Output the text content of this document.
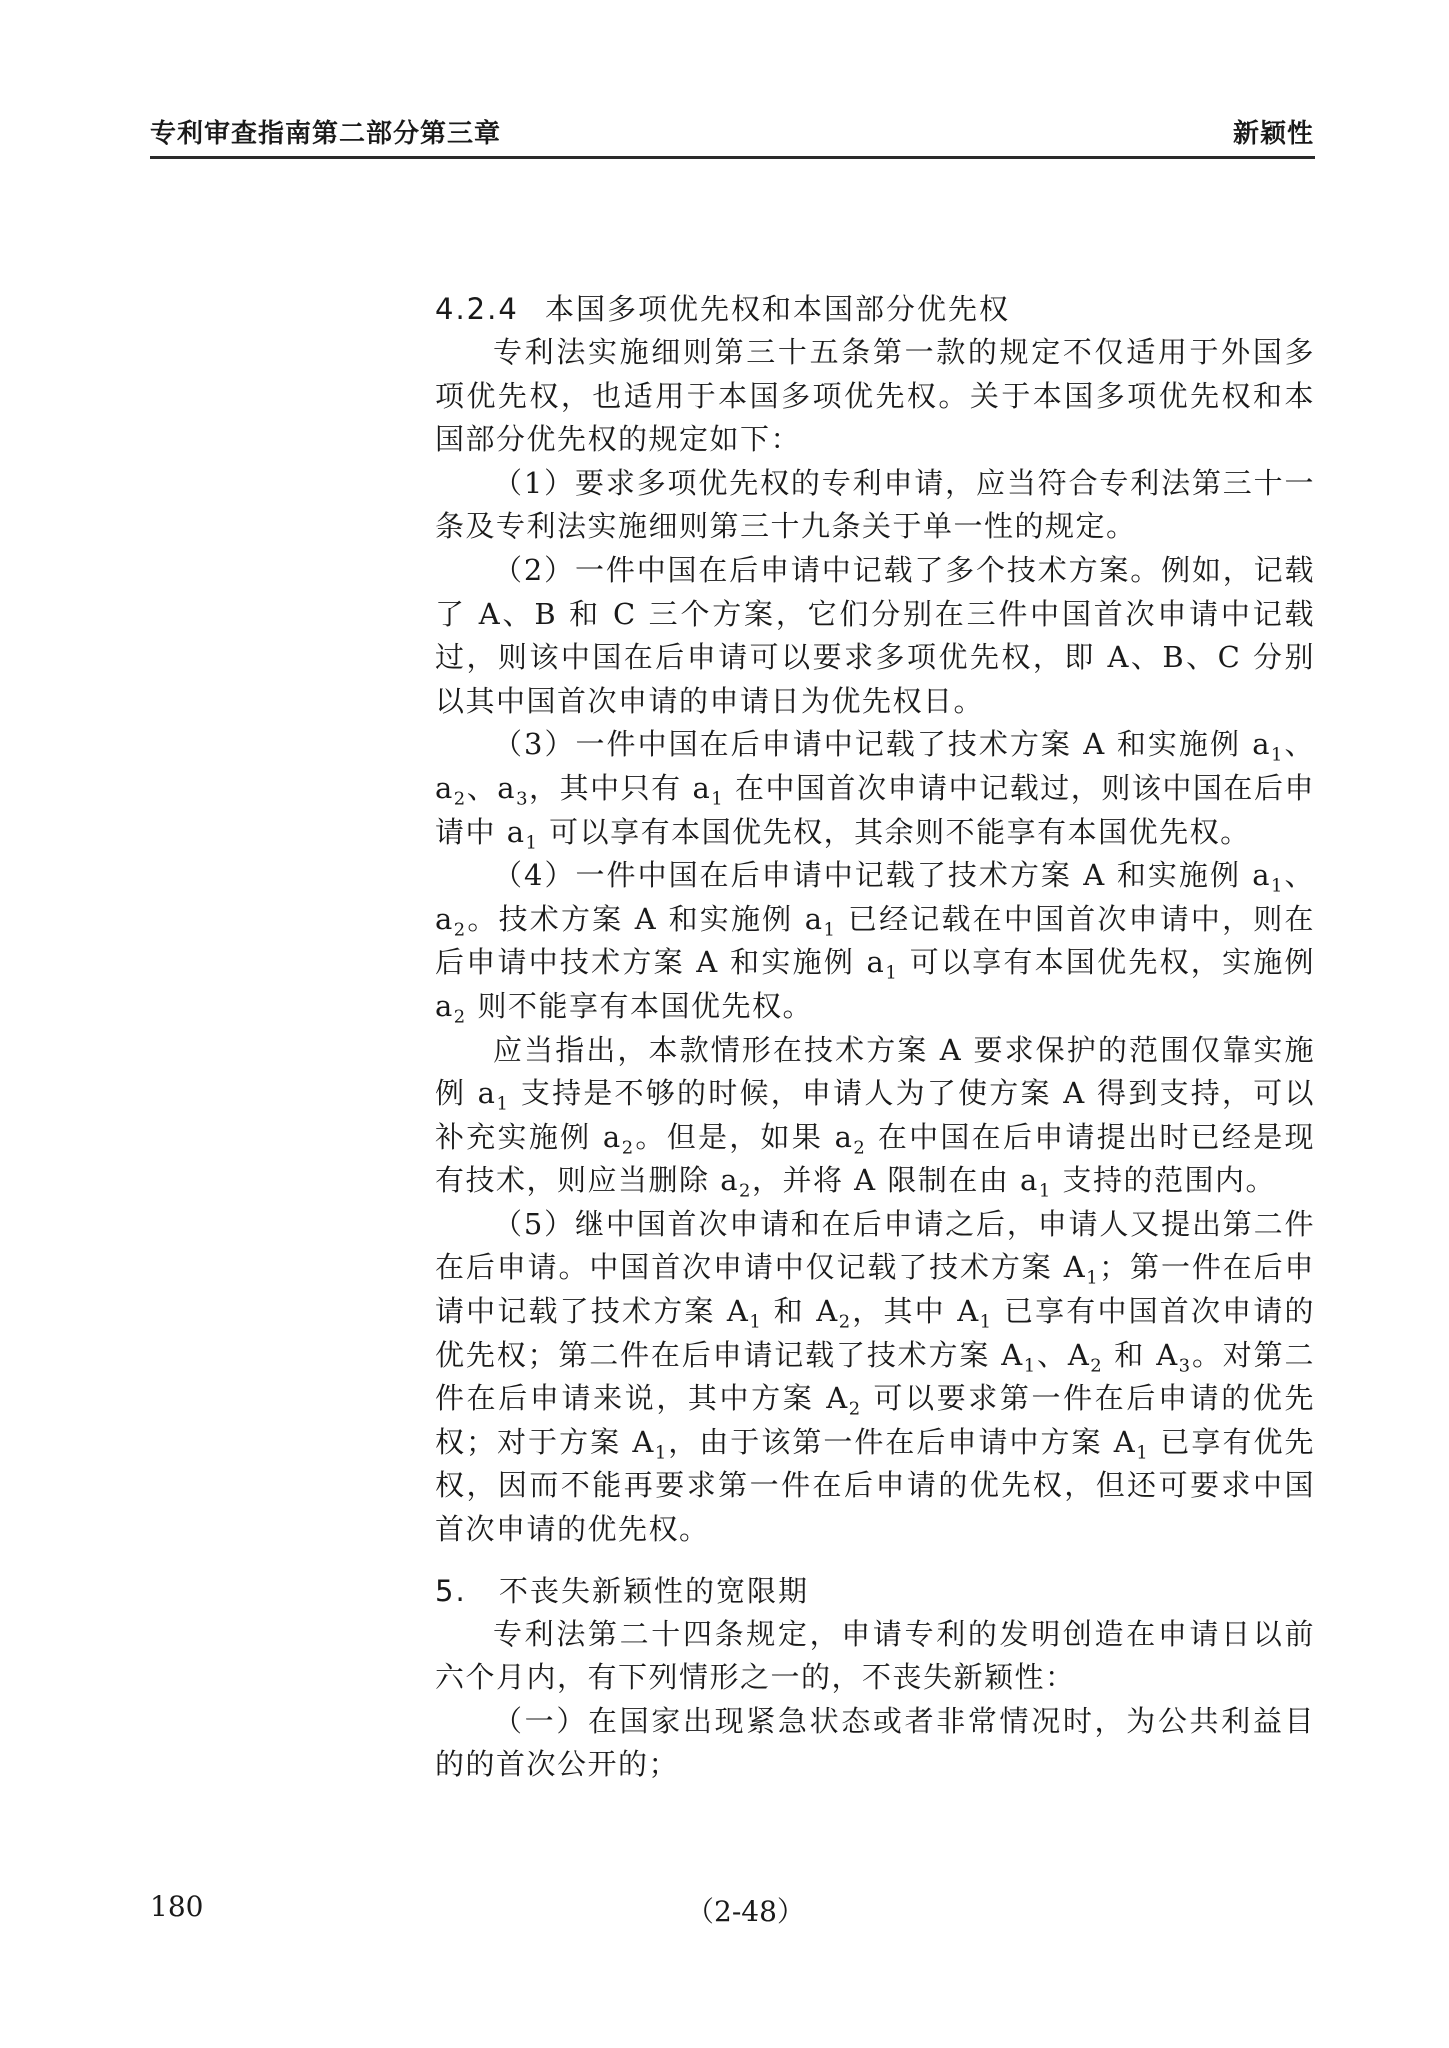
专利审查指南第二部分第三章	新颖性
4.2.4 本国多项优先权和本国部分优先权

专利法实施细则第三十五条第一款的规定不仅适用于外国多项优先权，也适用于本国多项优先权。关于本国多项优先权和本国部分优先权的规定如下：

（1）要求多项优先权的专利申请，应当符合专利法第三十一条及专利法实施细则第三十九条关于单一性的规定。

（2）一件中国在后申请中记载了多个技术方案。例如，记载了 A、B 和 C 三个方案，它们分别在三件中国首次申请中记载过，则该中国在后申请可以要求多项优先权，即 A、B、C 分别以其中国首次申请的申请日为优先权日。

（3）一件中国在后申请中记载了技术方案 A 和实施例 $a_1$、$a_2$、$a_3$，其中只有 $a_1$ 在中国首次申请中记载过，则该中国在后申请中 $a_1$ 可以享有本国优先权，其余则不能享有本国优先权。

（4）一件中国在后申请中记载了技术方案 A 和实施例 $a_1$、$a_2$。技术方案 A 和实施例 $a_1$ 已经记载在中国首次申请中，则在后申请中技术方案 A 和实施例 $a_1$ 可以享有本国优先权，实施例 $a_2$ 则不能享有本国优先权。

应当指出，本款情形在技术方案 A 要求保护的范围仅靠实施例 $a_1$ 支持是不够的时候，申请人为了使方案 A 得到支持，可以补充实施例 $a_2$。但是，如果 $a_2$ 在中国在后申请提出时已经是现有技术，则应当删除 $a_2$，并将 A 限制在由 $a_1$ 支持的范围内。

（5）继中国首次申请和在后申请之后，申请人又提出第二件在后申请。中国首次申请中仅记载了技术方案 $A_1$；第一件在后申请中记载了技术方案 $A_1$ 和 $A_2$，其中 $A_1$ 已享有中国首次申请的优先权；第二件在后申请记载了技术方案 $A_1$、$A_2$ 和 $A_3$。对第二件在后申请来说，其中方案 $A_2$ 可以要求第一件在后申请的优先权；对于方案 $A_1$，由于该第一件在后申请中方案 $A_1$ 已享有优先权，因而不能再要求第一件在后申请的优先权，但还可要求中国首次申请的优先权。

5. 不丧失新颖性的宽限期

专利法第二十四条规定，申请专利的发明创造在申请日以前六个月内，有下列情形之一的，不丧失新颖性：

（一）在国家出现紧急状态或者非常情况时，为公共利益目的的首次公开的；

180	（2-48）
